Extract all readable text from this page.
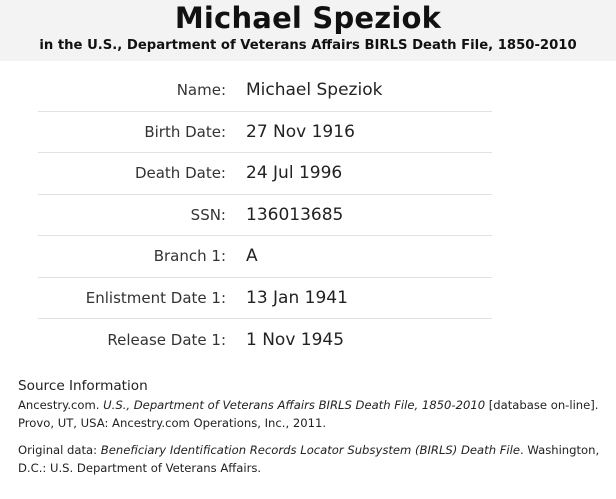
Michael Speziok
in the U.S., Department of Veterans Affairs BIRLS Death File, 1850-2010
Name: Michael Speziok
Birth Date: 27 Nov 1916
Death Date: 24 Jul 1996
SSN: 136013685
Branch 1: A
Enlistment Date 1: 13 Jan 1941
Release Date 1: 1 Nov 1945
Source Information

Ancestry.com. U.S., Department of Veterans Affairs BIRLS Death File, 1850-2010 [database on-line]. Provo, UT, USA: Ancestry.com Operations, Inc., 2011.

Original data: Beneficiary Identification Records Locator Subsystem (BIRLS) Death File. Washington, D.C.: U.S. Department of Veterans Affairs.
